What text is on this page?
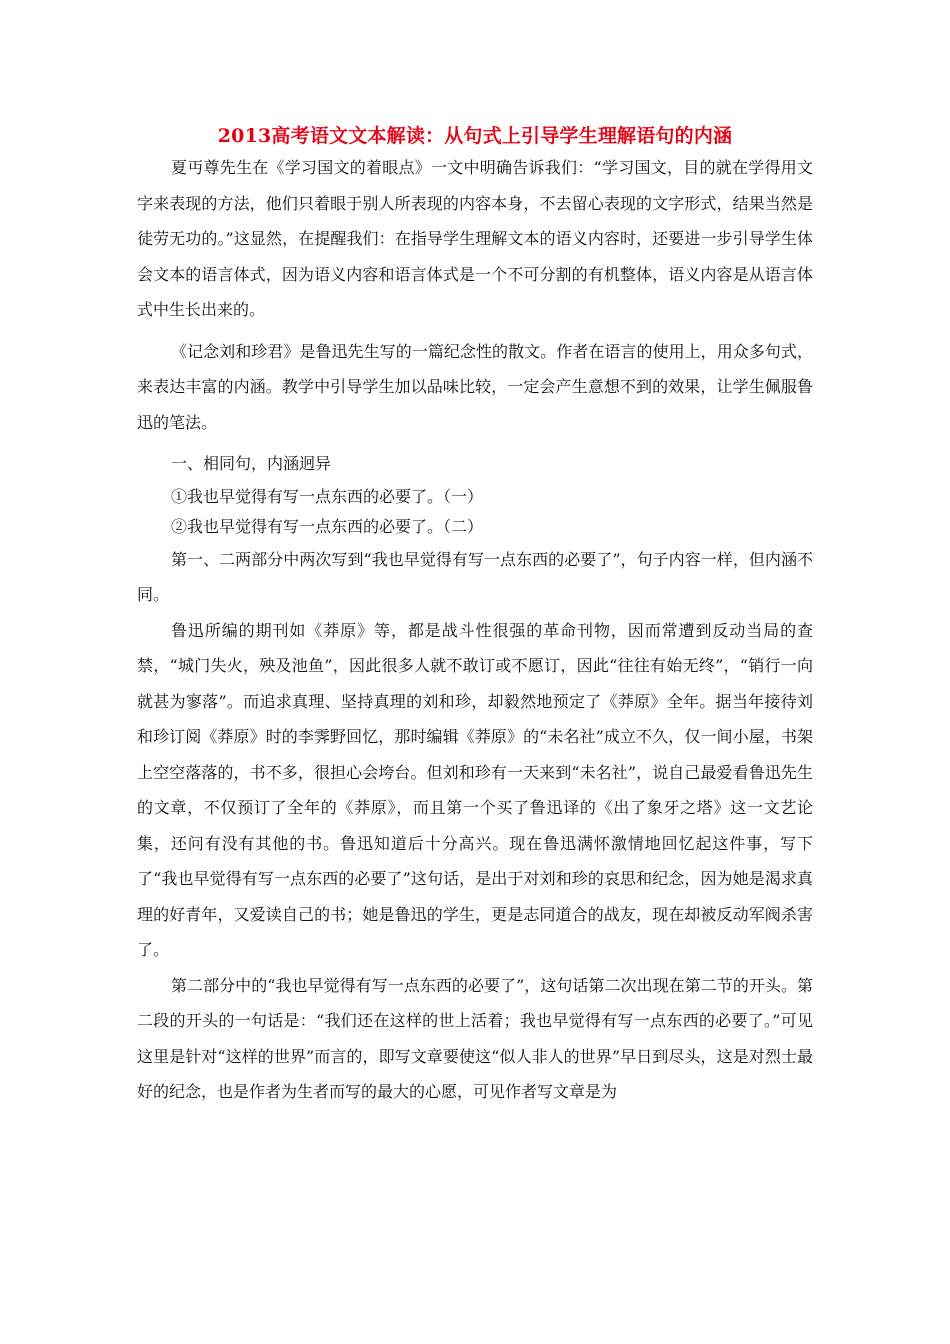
2013高考语文文本解读：从句式上引导学生理解语句的内涵

夏丏尊先生在《学习国文的着眼点》一文中明确告诉我们：“学习国文，目的就在学得用文字来表现的方法，他们只着眼于别人所表现的内容本身，不去留心表现的文字形式，结果当然是徒劳无功的。”这显然，在提醒我们：在指导学生理解文本的语义内容时，还要进一步引导学生体会文本的语言体式，因为语义内容和语言体式是一个不可分割的有机整体，语义内容是从语言体式中生长出来的。

《记念刘和珍君》是鲁迅先生写的一篇纪念性的散文。作者在语言的使用上，用众多句式，来表达丰富的内涵。教学中引导学生加以品味比较，一定会产生意想不到的效果，让学生佩服鲁迅的笔法。

一、相同句，内涵迥异

①我也早觉得有写一点东西的必要了。（一）

②我也早觉得有写一点东西的必要了。（二）

第一、二两部分中两次写到“我也早觉得有写一点东西的必要了”，句子内容一样，但内涵不同。

鲁迅所编的期刊如《莽原》等，都是战斗性很强的革命刊物，因而常遭到反动当局的查禁，“城门失火，殃及池鱼”，因此很多人就不敢订或不愿订，因此“往往有始无终”，“销行一向就甚为寥落”。而追求真理、坚持真理的刘和珍，却毅然地预定了《莽原》全年。据当年接待刘和珍订阅《莽原》时的李霁野回忆，那时编辑《莽原》的“未名社”成立不久，仅一间小屋，书架上空空落落的，书不多，很担心会垮台。但刘和珍有一天来到“未名社”，说自己最爱看鲁迅先生的文章，不仅预订了全年的《莽原》，而且第一个买了鲁迅译的《出了象牙之塔》这一文艺论集，还问有没有其他的书。鲁迅知道后十分高兴。现在鲁迅满怀激情地回忆起这件事，写下了“我也早觉得有写一点东西的必要了”这句话，是出于对刘和珍的哀思和纪念，因为她是渴求真理的好青年，又爱读自己的书；她是鲁迅的学生，更是志同道合的战友，现在却被反动军阀杀害了。

第二部分中的“我也早觉得有写一点东西的必要了”，这句话第二次出现在第二节的开头。第二段的开头的一句话是：“我们还在这样的世上活着；我也早觉得有写一点东西的必要了。”可见这里是针对“这样的世界”而言的，即写文章要使这“似人非人的世界”早日到尽头，这是对烈士最好的纪念，也是作者为生者而写的最大的心愿，可见作者写文章是为
